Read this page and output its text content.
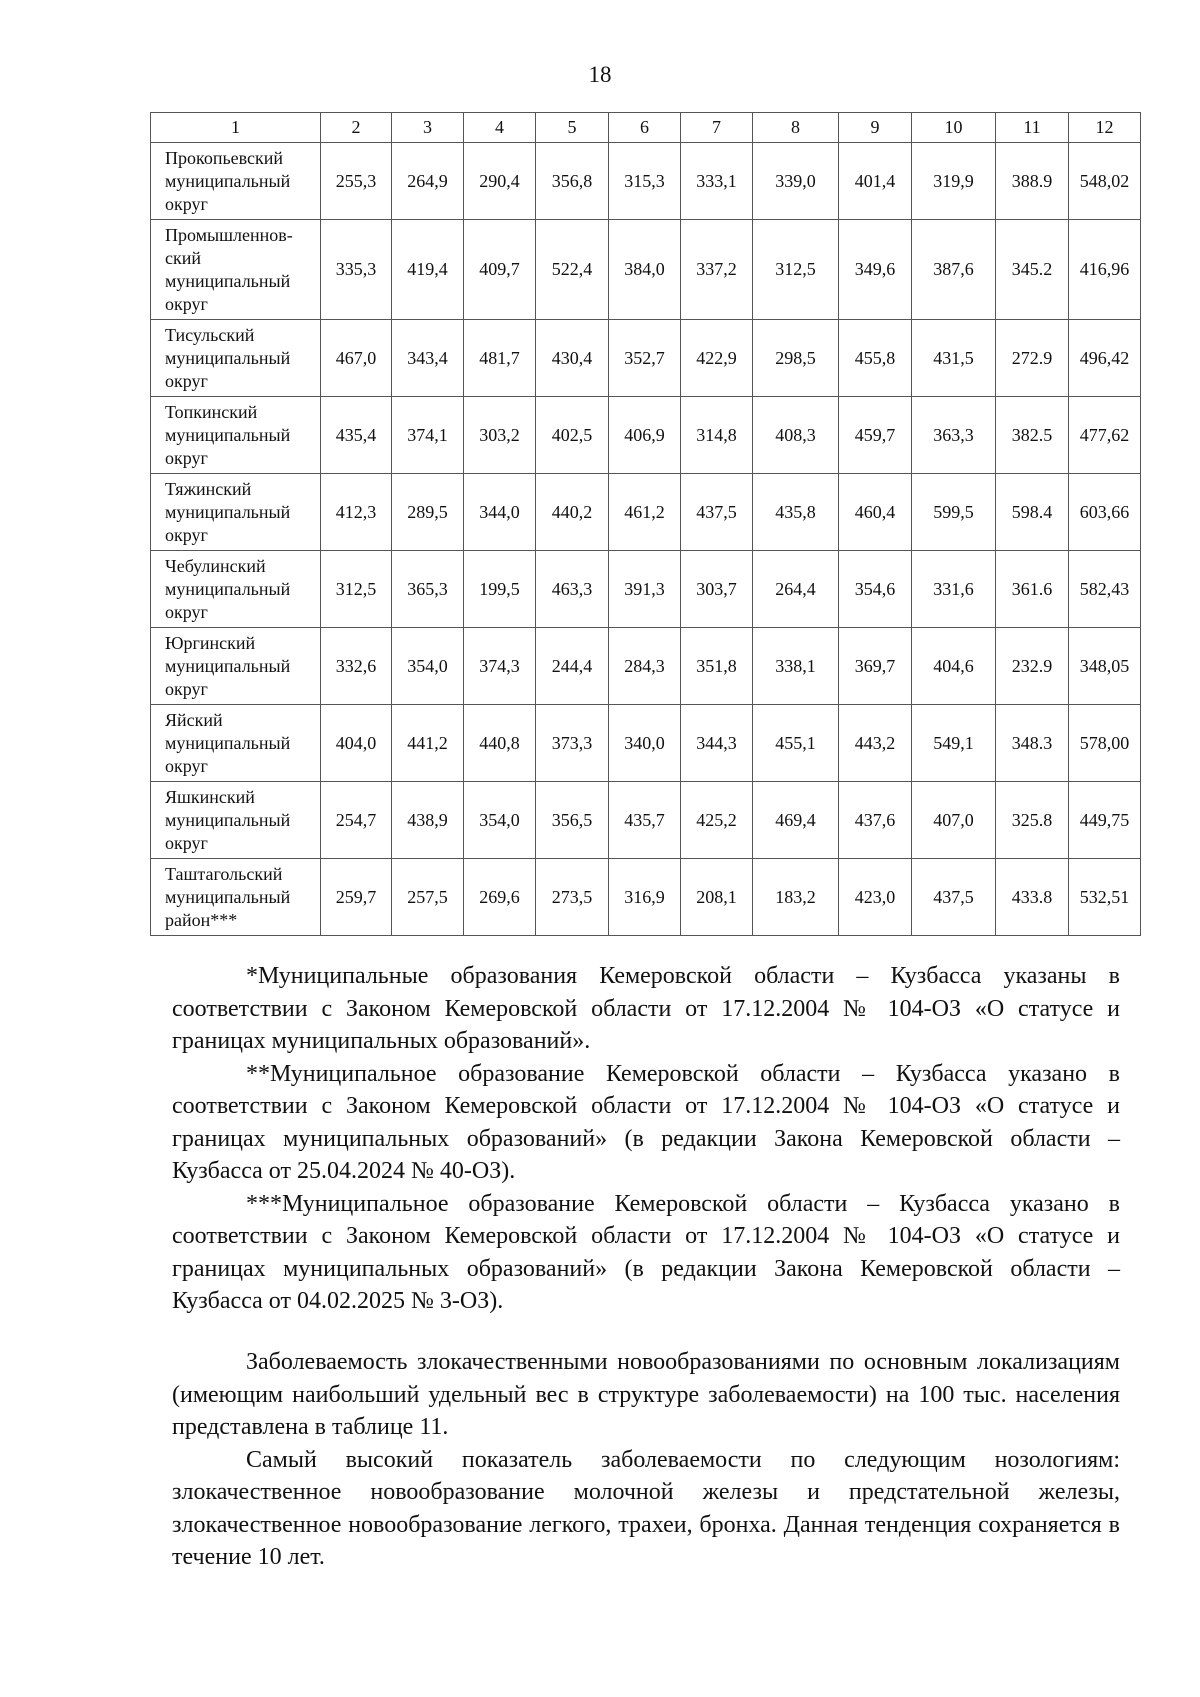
18
1	2	3	4	5	6	7	8	9	10	11	12

Прокопьевский
муниципальный
округ	255,3	264,9	290,4	356,8	315,3	333,1	339,0	401,4	319,9	388.9	548,02

Промышленнов-
ский
муниципальный
округ	335,3	419,4	409,7	522,4	384,0	337,2	312,5	349,6	387,6	345.2	416,96

Тисульский
муниципальный
округ	467,0	343,4	481,7	430,4	352,7	422,9	298,5	455,8	431,5	272.9	496,42

Топкинский
муниципальный
округ	435,4	374,1	303,2	402,5	406,9	314,8	408,3	459,7	363,3	382.5	477,62

Тяжинский
муниципальный
округ	412,3	289,5	344,0	440,2	461,2	437,5	435,8	460,4	599,5	598.4	603,66

Чебулинский
муниципальный
округ	312,5	365,3	199,5	463,3	391,3	303,7	264,4	354,6	331,6	361.6	582,43

Юргинский
муниципальный
округ	332,6	354,0	374,3	244,4	284,3	351,8	338,1	369,7	404,6	232.9	348,05

Яйский
муниципальный
округ	404,0	441,2	440,8	373,3	340,0	344,3	455,1	443,2	549,1	348.3	578,00

Яшкинский
муниципальный
округ	254,7	438,9	354,0	356,5	435,7	425,2	469,4	437,6	407,0	325.8	449,75

Таштагольский
муниципальный
район***	259,7	257,5	269,6	273,5	316,9	208,1	183,2	423,0	437,5	433.8	532,51

*Муниципальные образования Кемеровской области – Кузбасса указаны в соответствии с Законом Кемеровской области от 17.12.2004 № 104-ОЗ «О статусе и границах муниципальных образований».

**Муниципальное образование Кемеровской области – Кузбасса указано в соответствии с Законом Кемеровской области от 17.12.2004 № 104-ОЗ «О статусе и границах муниципальных образований» (в редакции Закона Кемеровской области – Кузбасса от 25.04.2024 № 40-ОЗ).

***Муниципальное образование Кемеровской области – Кузбасса указано в соответствии с Законом Кемеровской области от 17.12.2004 № 104-ОЗ «О статусе и границах муниципальных образований» (в редакции Закона Кемеровской области – Кузбасса от 04.02.2025 № 3-ОЗ).

Заболеваемость злокачественными новообразованиями по основным локализациям (имеющим наибольший удельный вес в структуре заболеваемости) на 100 тыс. населения представлена в таблице 11.

Самый высокий показатель заболеваемости по следующим нозологиям: злокачественное новообразование молочной железы и предстательной железы, злокачественное новообразование легкого, трахеи, бронха. Данная тенденция сохраняется в течение 10 лет.
